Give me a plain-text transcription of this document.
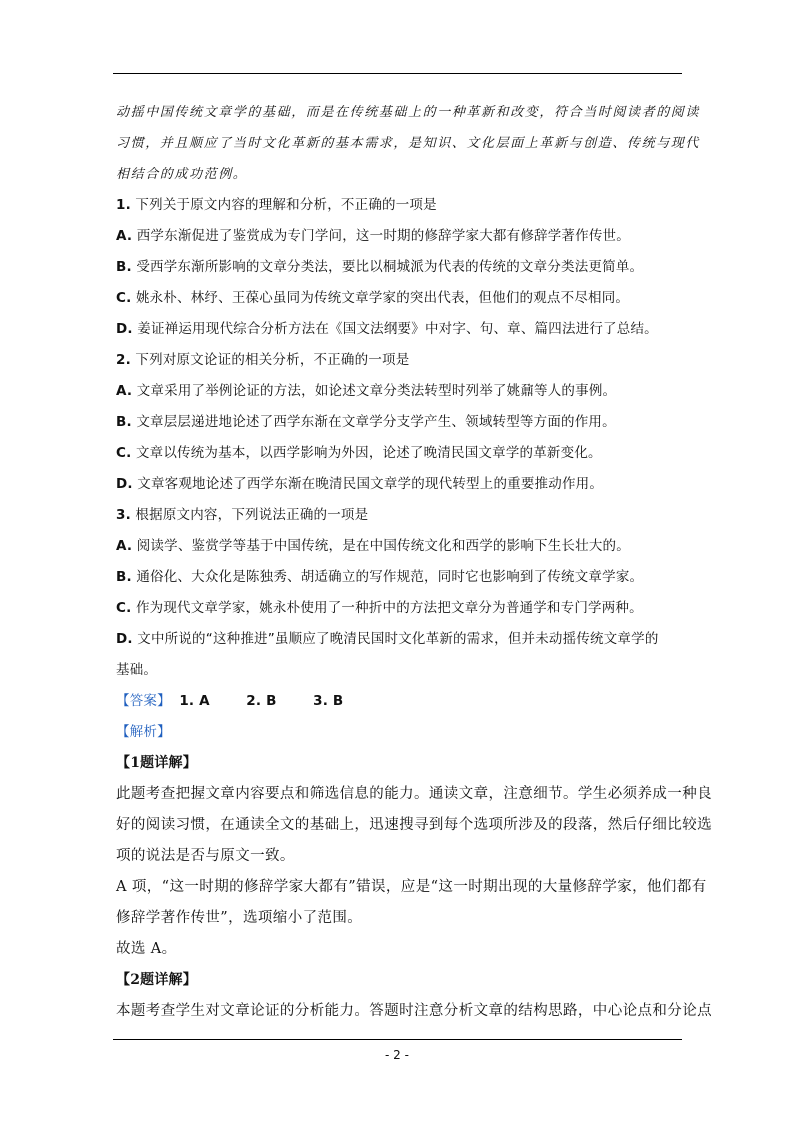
动摇中国传统文章学的基础，而是在传统基础上的一种革新和改变，符合当时阅读者的阅读
习惯，并且顺应了当时文化革新的基本需求，是知识、文化层面上革新与创造、传统与现代
相结合的成功范例。
1. 下列关于原文内容的理解和分析，不正确的一项是
A. 西学东渐促进了鉴赏成为专门学问，这一时期的修辞学家大都有修辞学著作传世。
B. 受西学东渐所影响的文章分类法，要比以桐城派为代表的传统的文章分类法更简单。
C. 姚永朴、林纾、王葆心虽同为传统文章学家的突出代表，但他们的观点不尽相同。
D. 姜证禅运用现代综合分析方法在《国文法纲要》中对字、句、章、篇四法进行了总结。
2. 下列对原文论证的相关分析，不正确的一项是
A. 文章采用了举例论证的方法，如论述文章分类法转型时列举了姚鼐等人的事例。
B. 文章层层递进地论述了西学东渐在文章学分支学产生、领域转型等方面的作用。
C. 文章以传统为基本，以西学影响为外因，论述了晚清民国文章学的革新变化。
D. 文章客观地论述了西学东渐在晚清民国文章学的现代转型上的重要推动作用。
3. 根据原文内容，下列说法正确的一项是
A. 阅读学、鉴赏学等基于中国传统，是在中国传统文化和西学的影响下生长壮大的。
B. 通俗化、大众化是陈独秀、胡适确立的写作规范，同时它也影响到了传统文章学家。
C. 作为现代文章学家，姚永朴使用了一种折中的方法把文章分为普通学和专门学两种。
D. 文中所说的“这种推进”虽顺应了晚清民国时文化革新的需求，但并未动摇传统文章学的
基础。
【答案】 1. A	2. B	3. B
【解析】
【1题详解】
此题考查把握文章内容要点和筛选信息的能力。通读文章，注意细节。学生必须养成一种良
好的阅读习惯，在通读全文的基础上，迅速搜寻到每个选项所涉及的段落，然后仔细比较选
项的说法是否与原文一致。
A 项，“这一时期的修辞学家大都有”错误，应是“这一时期出现的大量修辞学家，他们都有
修辞学著作传世”，选项缩小了范围。
故选 A。
【2题详解】
本题考查学生对文章论证的分析能力。答题时注意分析文章的结构思路，中心论点和分论点
- 2 -
